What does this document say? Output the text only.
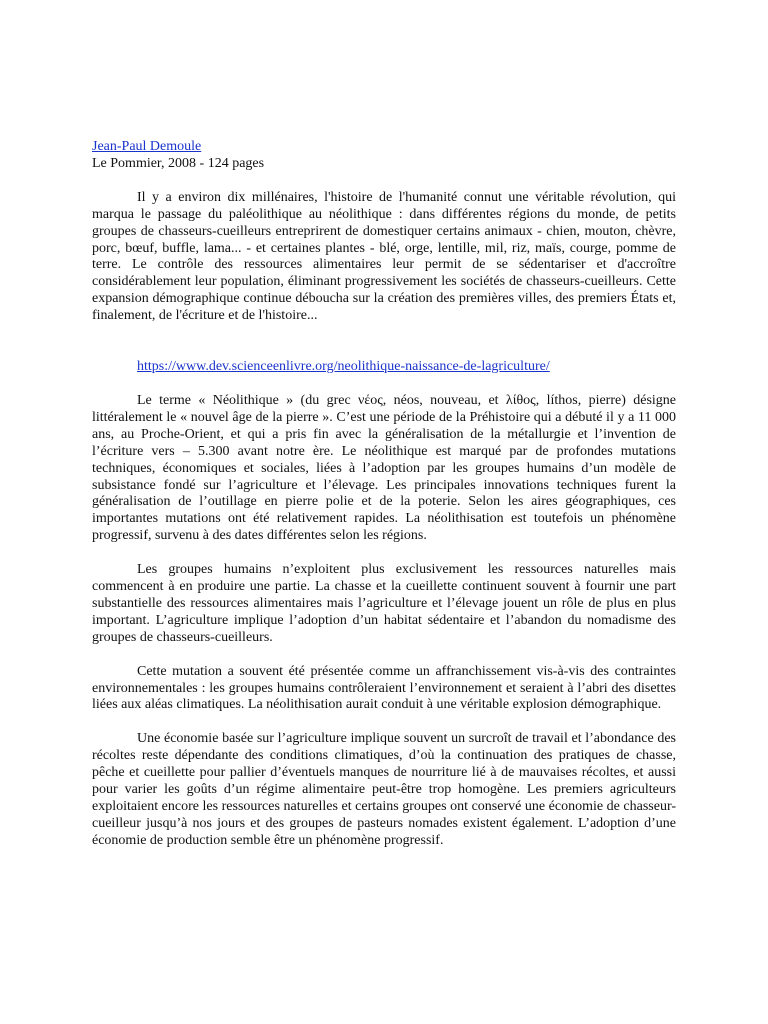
Jean-Paul Demoule
Le Pommier, 2008 - 124 pages

Il y a environ dix millénaires, l'histoire de l'humanité connut une véritable révolution, qui marqua le passage du paléolithique au néolithique : dans différentes régions du monde, de petits groupes de chasseurs-cueilleurs entreprirent de domestiquer certains animaux - chien, mouton, chèvre, porc, bœuf, buffle, lama... - et certaines plantes - blé, orge, lentille, mil, riz, maïs, courge, pomme de terre. Le contrôle des ressources alimentaires leur permit de se sédentariser et d'accroître considérablement leur population, éliminant progressivement les sociétés de chasseurs-cueilleurs. Cette expansion démographique continue déboucha sur la création des premières villes, des premiers États et, finalement, de l'écriture et de l'histoire...

https://www.dev.scienceenlivre.org/neolithique-naissance-de-lagriculture/

Le terme « Néolithique » (du grec νέος, néos, nouveau, et λίθος, líthos, pierre) désigne littéralement le « nouvel âge de la pierre ». C’est une période de la Préhistoire qui a débuté il y a 11 000 ans, au Proche-Orient, et qui a pris fin avec la généralisation de la métallurgie et l’invention de l’écriture vers – 5.300 avant notre ère. Le néolithique est marqué par de profondes mutations techniques, économiques et sociales, liées à l’adoption par les groupes humains d’un modèle de subsistance fondé sur l’agriculture et l’élevage. Les principales innovations techniques furent la généralisation de l’outillage en pierre polie et de la poterie. Selon les aires géographiques, ces importantes mutations ont été relativement rapides. La néolithisation est toutefois un phénomène progressif, survenu à des dates différentes selon les régions.

Les groupes humains n’exploitent plus exclusivement les ressources naturelles mais commencent à en produire une partie. La chasse et la cueillette continuent souvent à fournir une part substantielle des ressources alimentaires mais l’agriculture et l’élevage jouent un rôle de plus en plus important. L’agriculture implique l’adoption d’un habitat sédentaire et l’abandon du nomadisme des groupes de chasseurs-cueilleurs.

Cette mutation a souvent été présentée comme un affranchissement vis-à-vis des contraintes environnementales : les groupes humains contrôleraient l’environnement et seraient à l’abri des disettes liées aux aléas climatiques. La néolithisation aurait conduit à une véritable explosion démographique.

Une économie basée sur l’agriculture implique souvent un surcroît de travail et l’abondance des récoltes reste dépendante des conditions climatiques, d’où la continuation des pratiques de chasse, pêche et cueillette pour pallier d’éventuels manques de nourriture lié à de mauvaises récoltes, et aussi pour varier les goûts d’un régime alimentaire peut-être trop homogène. Les premiers agriculteurs exploitaient encore les ressources naturelles et certains groupes ont conservé une économie de chasseur-cueilleur jusqu’à nos jours et des groupes de pasteurs nomades existent également. L’adoption d’une économie de production semble être un phénomène progressif.
